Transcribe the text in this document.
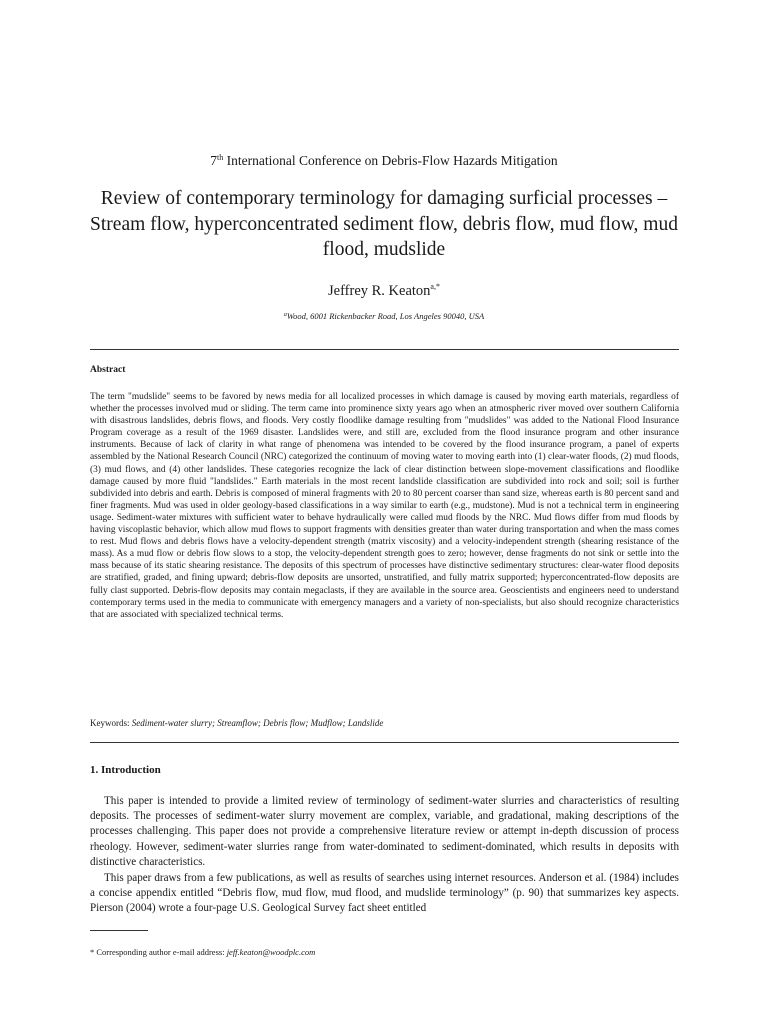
7th International Conference on Debris-Flow Hazards Mitigation
Review of contemporary terminology for damaging surficial processes – Stream flow, hyperconcentrated sediment flow, debris flow, mud flow, mud flood, mudslide
Jeffrey R. Keaton$^{a,*}$
$^a$Wood, 6001 Rickenbacker Road, Los Angeles 90040, USA
Abstract

The term "mudslide" seems to be favored by news media for all localized processes in which damage is caused by moving earth materials, regardless of whether the processes involved mud or sliding. The term came into prominence sixty years ago when an atmospheric river moved over southern California with disastrous landslides, debris flows, and floods. Very costly floodlike damage resulting from "mudslides" was added to the National Flood Insurance Program coverage as a result of the 1969 disaster. Landslides were, and still are, excluded from the flood insurance program and other insurance instruments. Because of lack of clarity in what range of phenomena was intended to be covered by the flood insurance program, a panel of experts assembled by the National Research Council (NRC) categorized the continuum of moving water to moving earth into (1) clear-water floods, (2) mud floods, (3) mud flows, and (4) other landslides. These categories recognize the lack of clear distinction between slope-movement classifications and floodlike damage caused by more fluid "landslides." Earth materials in the most recent landslide classification are subdivided into rock and soil; soil is further subdivided into debris and earth. Debris is composed of mineral fragments with 20 to 80 percent coarser than sand size, whereas earth is 80 percent sand and finer fragments. Mud was used in older geology-based classifications in a way similar to earth (e.g., mudstone). Mud is not a technical term in engineering usage. Sediment-water mixtures with sufficient water to behave hydraulically were called mud floods by the NRC. Mud flows differ from mud floods by having viscoplastic behavior, which allow mud flows to support fragments with densities greater than water during transportation and when the mass comes to rest. Mud flows and debris flows have a velocity-dependent strength (matrix viscosity) and a velocity-independent strength (shearing resistance of the mass). As a mud flow or debris flow slows to a stop, the velocity-dependent strength goes to zero; however, dense fragments do not sink or settle into the mass because of its static shearing resistance. The deposits of this spectrum of processes have distinctive sedimentary structures: clear-water flood deposits are stratified, graded, and fining upward; debris-flow deposits are unsorted, unstratified, and fully matrix supported; hyperconcentrated-flow deposits are fully clast supported. Debris-flow deposits may contain megaclasts, if they are available in the source area. Geoscientists and engineers need to understand contemporary terms used in the media to communicate with emergency managers and a variety of non-specialists, but also should recognize characteristics that are associated with specialized technical terms.

Keywords: Sediment-water slurry; Streamflow; Debris flow; Mudflow; Landslide
1. Introduction

This paper is intended to provide a limited review of terminology of sediment-water slurries and characteristics of resulting deposits. The processes of sediment-water slurry movement are complex, variable, and gradational, making descriptions of the processes challenging. This paper does not provide a comprehensive literature review or attempt in-depth discussion of process rheology. However, sediment-water slurries range from water-dominated to sediment-dominated, which results in deposits with distinctive characteristics.

This paper draws from a few publications, as well as results of searches using internet resources. Anderson et al. (1984) includes a concise appendix entitled “Debris flow, mud flow, mud flood, and mudslide terminology” (p. 90) that summarizes key aspects. Pierson (2004) wrote a four-page U.S. Geological Survey fact sheet entitled

* Corresponding author e-mail address: jeff.keaton@woodplc.com
